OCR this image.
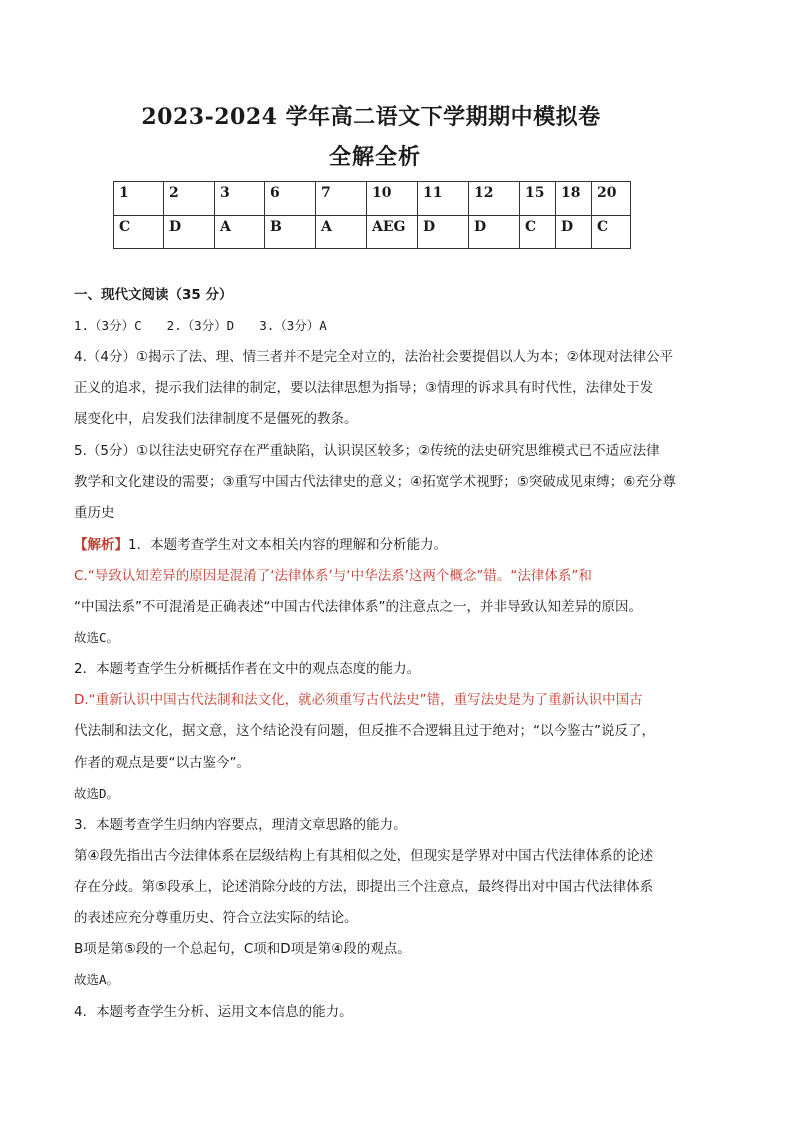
2023-2024 学年高二语文下学期期中模拟卷
全解全析
1	2	3	6	7	10	11	12	15	18	20
C	D	A	B	A	AEG	D	D	C	D	C
一、现代文阅读（35 分）
1.（3分）C　　2.（3分）D　　3.（3分）A
4.（4分）①揭示了法、理、情三者并不是完全对立的，法治社会要提倡以人为本；②体现对法律公平
正义的追求，提示我们法律的制定，要以法律思想为指导；③情理的诉求具有时代性，法律处于发
展变化中，启发我们法律制度不是僵死的教条。
5.（5分）①以往法史研究存在严重缺陷，认识误区较多；②传统的法史研究思维模式已不适应法律
教学和文化建设的需要；③重写中国古代法律史的意义；④拓宽学术视野；⑤突破成见束缚；⑥充分尊
重历史
【解析】1．本题考查学生对文本相关内容的理解和分析能力。
C.“导致认知差异的原因是混淆了‘法律体系’与‘中华法系’这两个概念”错。“法律体系”和
“中国法系”不可混淆是正确表述“中国古代法律体系”的注意点之一，并非导致认知差异的原因。
故选C。
2．本题考查学生分析概括作者在文中的观点态度的能力。
D.“重新认识中国古代法制和法文化，就必须重写古代法史”错，重写法史是为了重新认识中国古
代法制和法文化，据文意，这个结论没有问题，但反推不合逻辑且过于绝对；“以今鉴古”说反了，
作者的观点是要“以古鉴今”。
故选D。
3．本题考查学生归纳内容要点，理清文章思路的能力。
第④段先指出古今法律体系在层级结构上有其相似之处，但现实是学界对中国古代法律体系的论述
存在分歧。第⑤段承上，论述消除分歧的方法，即提出三个注意点，最终得出对中国古代法律体系
的表述应充分尊重历史、符合立法实际的结论。
B项是第⑤段的一个总起句，C项和D项是第④段的观点。
故选A。
4．本题考查学生分析、运用文本信息的能力。
